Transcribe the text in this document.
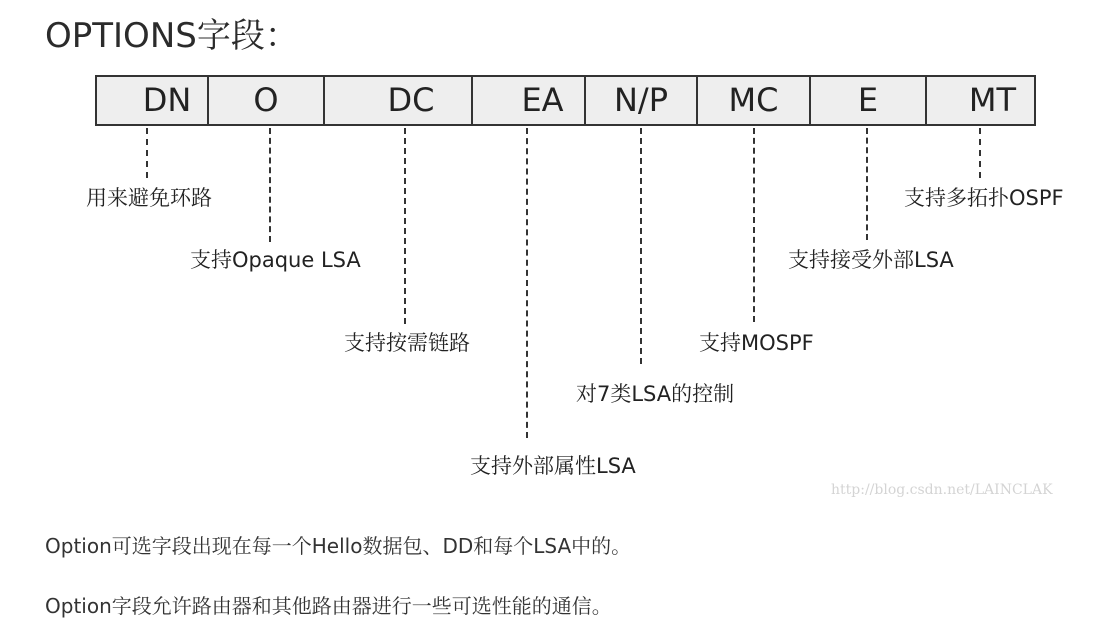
OPTIONS字段：
DN	O	DC	EA	N/P	MC	E	MT
用来避免环路
支持Opaque LSA
支持按需链路
支持外部属性LSA
对7类LSA的控制
支持MOSPF
支持接受外部LSA
支持多拓扑OSPF
http://blog.csdn.net/LAINCLAK
Option可选字段出现在每一个Hello数据包、DD和每个LSA中的。
Option字段允许路由器和其他路由器进行一些可选性能的通信。
